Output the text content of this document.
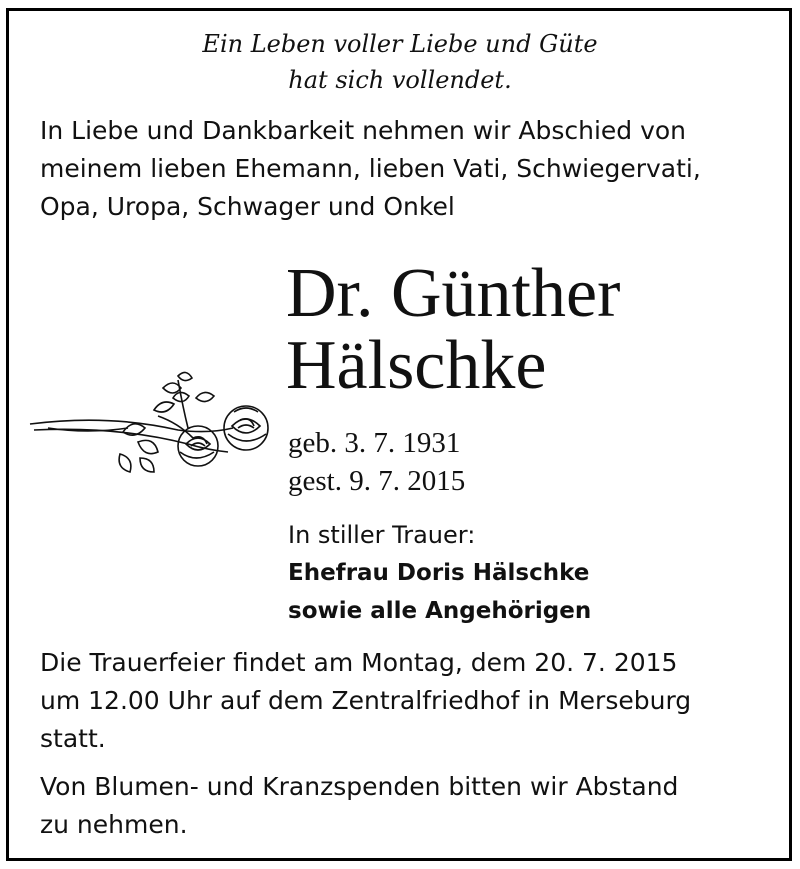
Ein Leben voller Liebe und Güte
hat sich vollendet.
In Liebe und Dankbarkeit nehmen wir Abschied von
meinem lieben Ehemann, lieben Vati, Schwiegervati,
Opa, Uropa, Schwager und Onkel
Dr. Günther
Hälschke
geb. 3. 7. 1931
gest. 9. 7. 2015
In stiller Trauer:
Ehefrau Doris Hälschke
sowie alle Angehörigen
Die Trauerfeier findet am Montag, dem 20. 7. 2015
um 12.00 Uhr auf dem Zentralfriedhof in Merseburg
statt.
Von Blumen- und Kranzspenden bitten wir Abstand
zu nehmen.
